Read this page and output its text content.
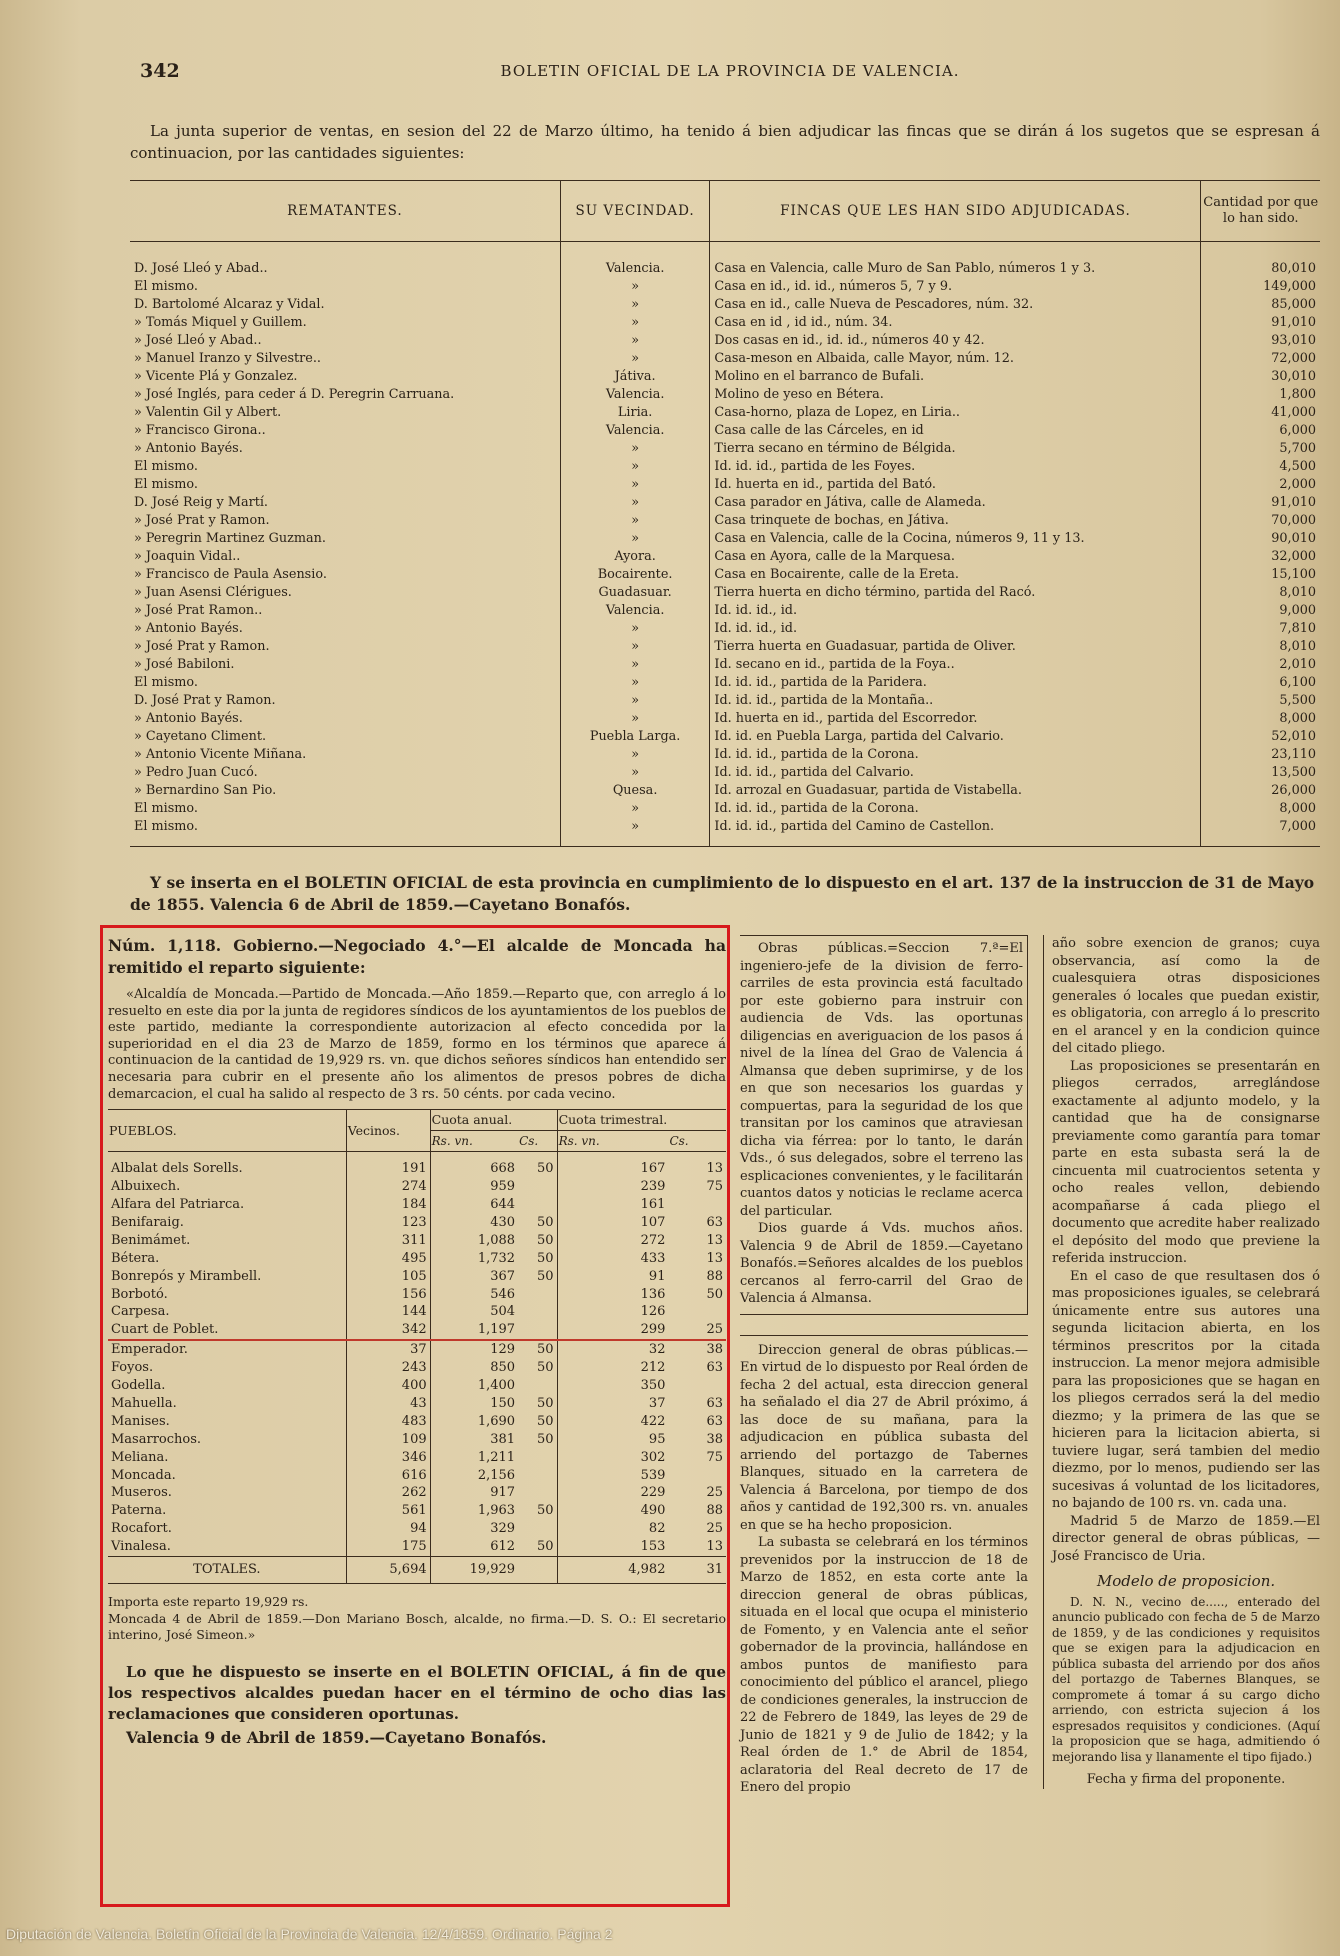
342	BOLETIN OFICIAL DE LA PROVINCIA DE VALENCIA.

La junta superior de ventas, en sesion del 22 de Marzo último, ha tenido á bien adjudicar las fincas que se dirán á los sugetos que se espresan á continuacion, por las cantidades siguientes:

REMATANTES.	SU VECINDAD.	FINCAS QUE LES HAN SIDO ADJUDICADAS.	Cantidad por que lo han sido.
D. José Lleó y Abad..	Valencia.	Casa en Valencia, calle Muro de San Pablo, números 1 y 3.	80,010
El mismo.	»	Casa en id., id. id., números 5, 7 y 9.	149,000
D. Bartolomé Alcaraz y Vidal.	»	Casa en id., calle Nueva de Pescadores, núm. 32.	85,000
» Tomás Miquel y Guillem.	»	Casa en id , id id., núm. 34.	91,010
» José Lleó y Abad..	»	Dos casas en id., id. id., números 40 y 42.	93,010
» Manuel Iranzo y Silvestre..	»	Casa-meson en Albaida, calle Mayor, núm. 12.	72,000
» Vicente Plá y Gonzalez.	Játiva.	Molino en el barranco de Bufali.	30,010
» José Inglés, para ceder á D. Peregrin Carruana.	Valencia.	Molino de yeso en Bétera.	1,800
» Valentin Gil y Albert.	Liria.	Casa-horno, plaza de Lopez, en Liria..	41,000
» Francisco Girona..	Valencia.	Casa calle de las Cárceles, en id	6,000
» Antonio Bayés.	»	Tierra secano en término de Bélgida.	5,700
El mismo.	»	Id. id. id., partida de les Foyes.	4,500
El mismo.	»	Id. huerta en id., partida del Bató.	2,000
D. José Reig y Martí.	»	Casa parador en Játiva, calle de Alameda.	91,010
» José Prat y Ramon.	»	Casa trinquete de bochas, en Játiva.	70,000
» Peregrin Martinez Guzman.	»	Casa en Valencia, calle de la Cocina, números 9, 11 y 13.	90,010
» Joaquin Vidal..	Ayora.	Casa en Ayora, calle de la Marquesa.	32,000
» Francisco de Paula Asensio.	Bocairente.	Casa en Bocairente, calle de la Ereta.	15,100
» Juan Asensi Clérigues.	Guadasuar.	Tierra huerta en dicho término, partida del Racó.	8,010
» José Prat Ramon..	Valencia.	Id. id. id., id.	9,000
» Antonio Bayés.	»	Id. id. id., id.	7,810
» José Prat y Ramon.	»	Tierra huerta en Guadasuar, partida de Oliver.	8,010
» José Babiloni.	»	Id. secano en id., partida de la Foya..	2,010
El mismo.	»	Id. id. id., partida de la Paridera.	6,100
D. José Prat y Ramon.	»	Id. id. id., partida de la Montaña..	5,500
» Antonio Bayés.	»	Id. huerta en id., partida del Escorredor.	8,000
» Cayetano Climent.	Puebla Larga.	Id. id. en Puebla Larga, partida del Calvario.	52,010
» Antonio Vicente Miñana.	»	Id. id. id., partida de la Corona.	23,110
» Pedro Juan Cucó.	»	Id. id. id., partida del Calvario.	13,500
» Bernardino San Pio.	Quesa.	Id. arrozal en Guadasuar, partida de Vistabella.	26,000
El mismo.	»	Id. id. id., partida de la Corona.	8,000
El mismo.	»	Id. id. id., partida del Camino de Castellon.	7,000

Y se inserta en el BOLETIN OFICIAL de esta provincia en cumplimiento de lo dispuesto en el art. 137 de la instruccion de 31 de Mayo de 1855. Valencia 6 de Abril de 1859.—Cayetano Bonafós.

Núm. 1,118. Gobierno.—Negociado 4.°—El alcalde de Moncada ha remitido el reparto siguiente:

«Alcaldía de Moncada.—Partido de Moncada.—Año 1859.—Reparto que, con arreglo á lo resuelto en este dia por la junta de regidores síndicos de los ayuntamientos de los pueblos de este partido, mediante la correspondiente autorizacion al efecto concedida por la superioridad en el dia 23 de Marzo de 1859, formo en los términos que aparece á continuacion de la cantidad de 19,929 rs. vn. que dichos señores síndicos han entendido ser necesaria para cubrir en el presente año los alimentos de presos pobres de dicha demarcacion, el cual ha salido al respecto de 3 rs. 50 cénts. por cada vecino.

PUEBLOS.	Vecinos.	Cuota anual.		Cuota trimestral.	
		Rs. vn.	Cs.	Rs. vn.	Cs.
Albalat dels Sorells.	191	668	50	167	13
Albuixech.	274	959		239	75
Alfara del Patriarca.	184	644		161	
Benifaraig.	123	430	50	107	63
Benimámet.	311	1,088	50	272	13
Bétera.	495	1,732	50	433	13
Bonrepós y Mirambell.	105	367	50	91	88
Borbotó.	156	546		136	50
Carpesa.	144	504		126	
Cuart de Poblet.	342	1,197		299	25
Emperador.	37	129	50	32	38
Foyos.	243	850	50	212	63
Godella.	400	1,400		350	
Mahuella.	43	150	50	37	63
Manises.	483	1,690	50	422	63
Masarrochos.	109	381	50	95	38
Meliana.	346	1,211		302	75
Moncada.	616	2,156		539	
Museros.	262	917		229	25
Paterna.	561	1,963	50	490	88
Rocafort.	94	329		82	25
Vinalesa.	175	612	50	153	13
TOTALES.	5,694	19,929		4,982	31

Importa este reparto 19,929 rs.

Moncada 4 de Abril de 1859.—Don Mariano Bosch, alcalde, no firma.—D. S. O.: El secretario interino, José Simeon.»

Lo que he dispuesto se inserte en el BOLETIN OFICIAL, á fin de que los respectivos alcaldes puedan hacer en el término de ocho dias las reclamaciones que consideren oportunas.

Valencia 9 de Abril de 1859.—Cayetano Bonafós.

Obras públicas.=Seccion 7.ª=El ingeniero-jefe de la division de ferro-carriles de esta provincia está facultado por este gobierno para instruir con audiencia de Vds. las oportunas diligencias en averiguacion de los pasos á nivel de la línea del Grao de Valencia á Almansa que deben suprimirse, y de los en que son necesarios los guardas y compuertas, para la seguridad de los que transitan por los caminos que atraviesan dicha via férrea: por lo tanto, le darán Vds., ó sus delegados, sobre el terreno las esplicaciones convenientes, y le facilitarán cuantos datos y noticias le reclame acerca del particular.

Dios guarde á Vds. muchos años. Valencia 9 de Abril de 1859.—Cayetano Bonafós.=Señores alcaldes de los pueblos cercanos al ferro-carril del Grao de Valencia á Almansa.

Direccion general de obras públicas.—En virtud de lo dispuesto por Real órden de fecha 2 del actual, esta direccion general ha señalado el dia 27 de Abril próximo, á las doce de su mañana, para la adjudicacion en pública subasta del arriendo del portazgo de Tabernes Blanques, situado en la carretera de Valencia á Barcelona, por tiempo de dos años y cantidad de 192,300 rs. vn. anuales en que se ha hecho proposicion.

La subasta se celebrará en los términos prevenidos por la instruccion de 18 de Marzo de 1852, en esta corte ante la direccion general de obras públicas, situada en el local que ocupa el ministerio de Fomento, y en Valencia ante el señor gobernador de la provincia, hallándose en ambos puntos de manifiesto para conocimiento del público el arancel, pliego de condiciones generales, la instruccion de 22 de Febrero de 1849, las leyes de 29 de Junio de 1821 y 9 de Julio de 1842; y la Real órden de 1.° de Abril de 1854, aclaratoria del Real decreto de 17 de Enero del propio

año sobre exencion de granos; cuya observancia, así como la de cualesquiera otras disposiciones generales ó locales que puedan existir, es obligatoria, con arreglo á lo prescrito en el arancel y en la condicion quince del citado pliego.

Las proposiciones se presentarán en pliegos cerrados, arreglándose exactamente al adjunto modelo, y la cantidad que ha de consignarse previamente como garantía para tomar parte en esta subasta será la de cincuenta mil cuatrocientos setenta y ocho reales vellon, debiendo acompañarse á cada pliego el documento que acredite haber realizado el depósito del modo que previene la referida instruccion.

En el caso de que resultasen dos ó mas proposiciones iguales, se celebrará únicamente entre sus autores una segunda licitacion abierta, en los términos prescritos por la citada instruccion. La menor mejora admisible para las proposiciones que se hagan en los pliegos cerrados será la del medio diezmo; y la primera de las que se hicieren para la licitacion abierta, si tuviere lugar, será tambien del medio diezmo, por lo menos, pudiendo ser las sucesivas á voluntad de los licitadores, no bajando de 100 rs. vn. cada una.

Madrid 5 de Marzo de 1859.—El director general de obras públicas, —José Francisco de Uria.

Modelo de proposicion.

D. N. N., vecino de....., enterado del anuncio publicado con fecha de 5 de Marzo de 1859, y de las condiciones y requisitos que se exigen para la adjudicacion en pública subasta del arriendo por dos años del portazgo de Tabernes Blanques, se compromete á tomar á su cargo dicho arriendo, con estricta sujecion á los espresados requisitos y condiciones. (Aquí la proposicion que se haga, admitiendo ó mejorando lisa y llanamente el tipo fijado.)

Fecha y firma del proponente.

Diputación de Valencia. Boletín Oficial de la Provincia de Valencia. 12/4/1859. Ordinario. Página 2
